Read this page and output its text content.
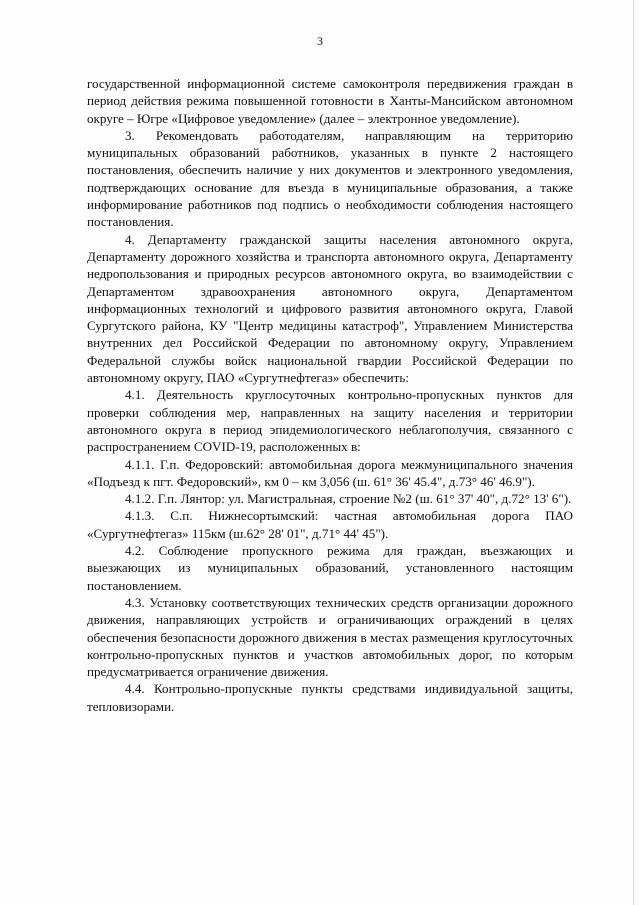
3

государственной информационной системе самоконтроля передвижения граждан в период действия режима повышенной готовности в Ханты-Мансийском автономном округе – Югре «Цифровое уведомление» (далее – электронное уведомление).

3. Рекомендовать работодателям, направляющим на территорию муниципальных образований работников, указанных в пункте 2 настоящего постановления, обеспечить наличие у них документов и электронного уведомления, подтверждающих основание для въезда в муниципальные образования, а также информирование работников под подпись о необходимости соблюдения настоящего постановления.

4. Департаменту гражданской защиты населения автономного округа, Департаменту дорожного хозяйства и транспорта автономного округа, Департаменту недропользования и природных ресурсов автономного округа, во взаимодействии с Департаментом здравоохранения автономного округа, Департаментом информационных технологий и цифрового развития автономного округа, Главой Сургутского района, КУ "Центр медицины катастроф", Управлением Министерства внутренних дел Российской Федерации по автономному округу, Управлением Федеральной службы войск национальной гвардии Российской Федерации по автономному округу, ПАО «Сургутнефтегаз» обеспечить:

4.1. Деятельность круглосуточных контрольно-пропускных пунктов для проверки соблюдения мер, направленных на защиту населения и территории автономного округа в период эпидемиологического неблагополучия, связанного с распространением COVID-19, расположенных в:

4.1.1. Г.п. Федоровский: автомобильная дорога межмуниципального значения «Подъезд к пгт. Федоровский», км 0 – км 3,056 (ш. 61° 36' 45.4", д.73° 46' 46.9").

4.1.2. Г.п. Лянтор: ул. Магистральная, строение №2 (ш. 61° 37' 40", д.72° 13' 6").

4.1.3. С.п. Нижнесортымский: частная автомобильная дорога ПАО «Сургутнефтегаз» 115км (ш.62° 28' 01", д.71° 44' 45").

4.2. Соблюдение пропускного режима для граждан, въезжающих и выезжающих из муниципальных образований, установленного настоящим постановлением.

4.3. Установку соответствующих технических средств организации дорожного движения, направляющих устройств и ограничивающих ограждений в целях обеспечения безопасности дорожного движения в местах размещения круглосуточных контрольно-пропускных пунктов и участков автомобильных дорог, по которым предусматривается ограничение движения.

4.4. Контрольно-пропускные пункты средствами индивидуальной защиты, тепловизорами.
